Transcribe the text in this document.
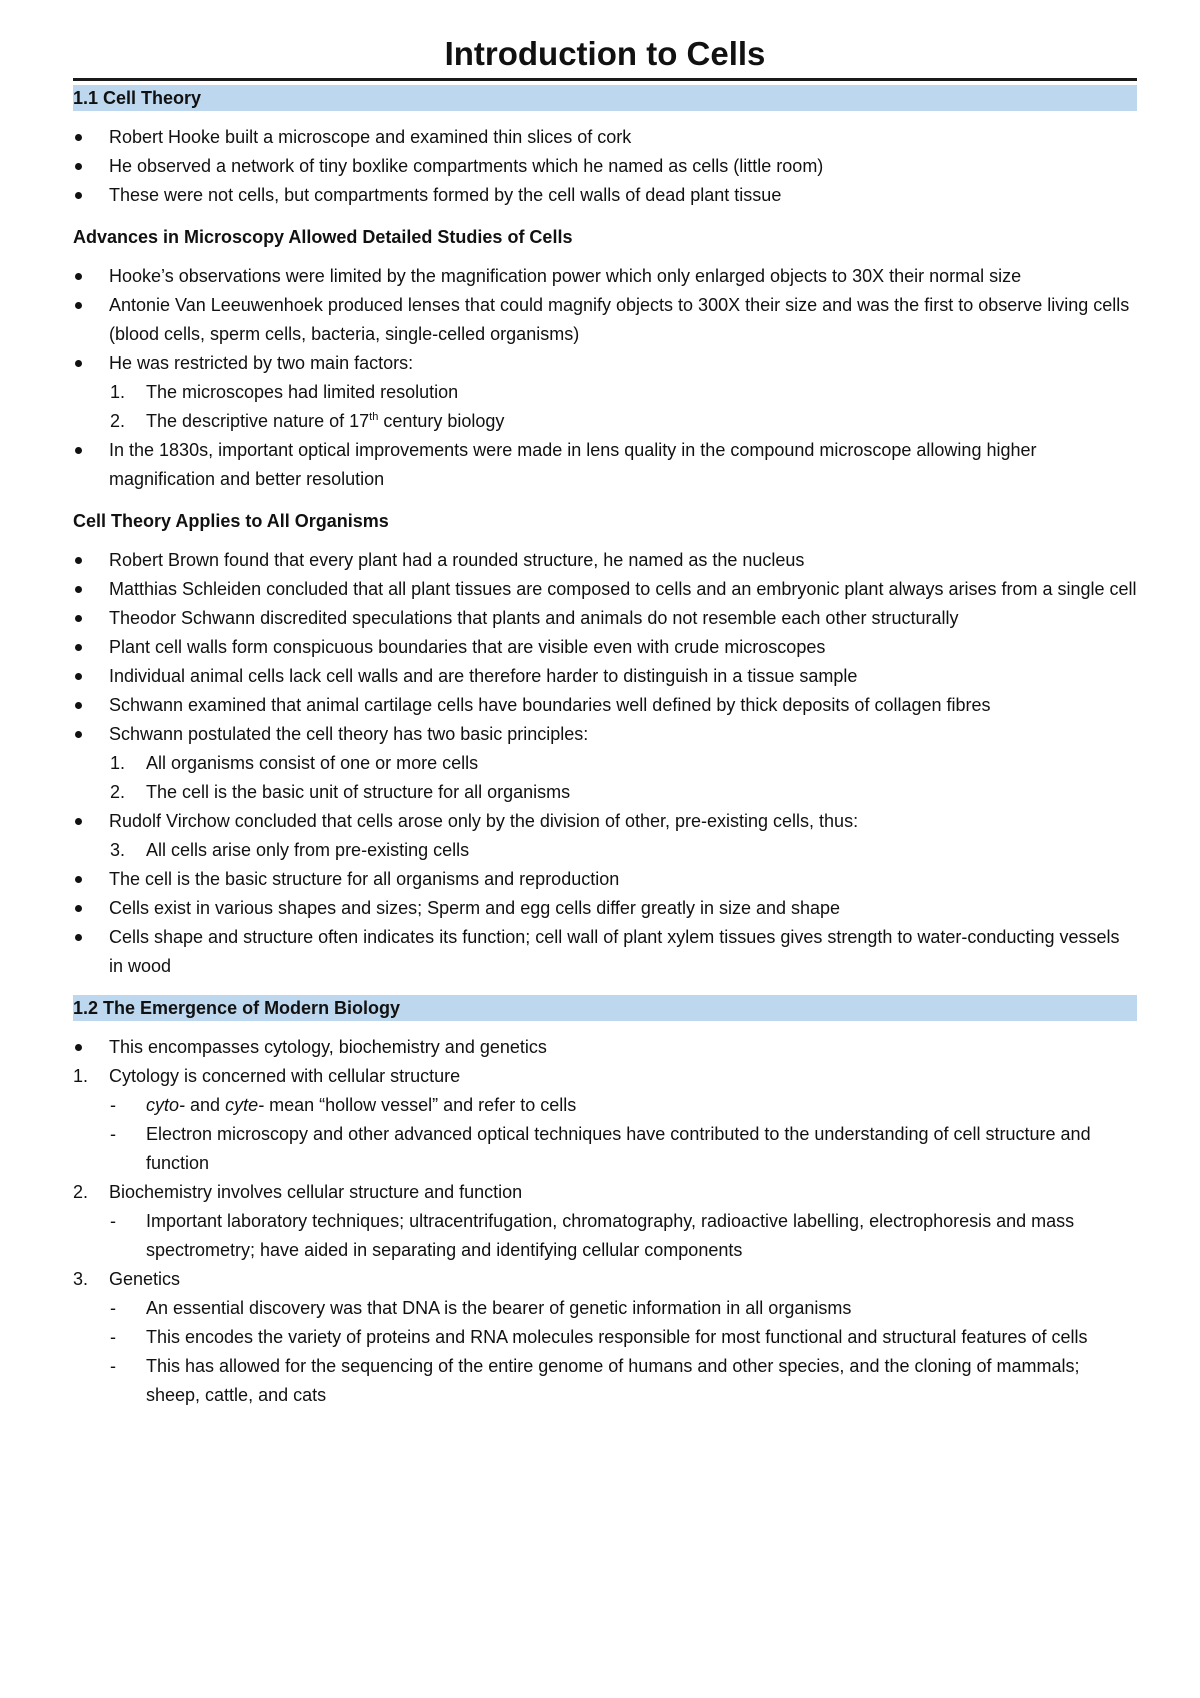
Introduction to Cells
1.1 Cell Theory
Robert Hooke built a microscope and examined thin slices of cork
He observed a network of tiny boxlike compartments which he named as cells (little room)
These were not cells, but compartments formed by the cell walls of dead plant tissue
Advances in Microscopy Allowed Detailed Studies of Cells
Hooke’s observations were limited by the magnification power which only enlarged objects to 30X their normal size
Antonie Van Leeuwenhoek produced lenses that could magnify objects to 300X their size and was the first to observe living cells (blood cells, sperm cells, bacteria, single-celled organisms)
He was restricted by two main factors:
1.	The microscopes had limited resolution
2.	The descriptive nature of 17th century biology
In the 1830s, important optical improvements were made in lens quality in the compound microscope allowing higher magnification and better resolution
Cell Theory Applies to All Organisms
Robert Brown found that every plant had a rounded structure, he named as the nucleus
Matthias Schleiden concluded that all plant tissues are composed to cells and an embryonic plant always arises from a single cell
Theodor Schwann discredited speculations that plants and animals do not resemble each other structurally
Plant cell walls form conspicuous boundaries that are visible even with crude microscopes
Individual animal cells lack cell walls and are therefore harder to distinguish in a tissue sample
Schwann examined that animal cartilage cells have boundaries well defined by thick deposits of collagen fibres
Schwann postulated the cell theory has two basic principles:
1.	All organisms consist of one or more cells
2.	The cell is the basic unit of structure for all organisms
Rudolf Virchow concluded that cells arose only by the division of other, pre-existing cells, thus:
3.	All cells arise only from pre-existing cells
The cell is the basic structure for all organisms and reproduction
Cells exist in various shapes and sizes; Sperm and egg cells differ greatly in size and shape
Cells shape and structure often indicates its function; cell wall of plant xylem tissues gives strength to water-conducting vessels in wood
1.2 The Emergence of Modern Biology
This encompasses cytology, biochemistry and genetics
1.	Cytology is concerned with cellular structure
-	cyto- and cyte- mean “hollow vessel” and refer to cells
-	Electron microscopy and other advanced optical techniques have contributed to the understanding of cell structure and function
2.	Biochemistry involves cellular structure and function
-	Important laboratory techniques; ultracentrifugation, chromatography, radioactive labelling, electrophoresis and mass spectrometry; have aided in separating and identifying cellular components
3.	Genetics
-	An essential discovery was that DNA is the bearer of genetic information in all organisms
-	This encodes the variety of proteins and RNA molecules responsible for most functional and structural features of cells
-	This has allowed for the sequencing of the entire genome of humans and other species, and the cloning of mammals; sheep, cattle, and cats
